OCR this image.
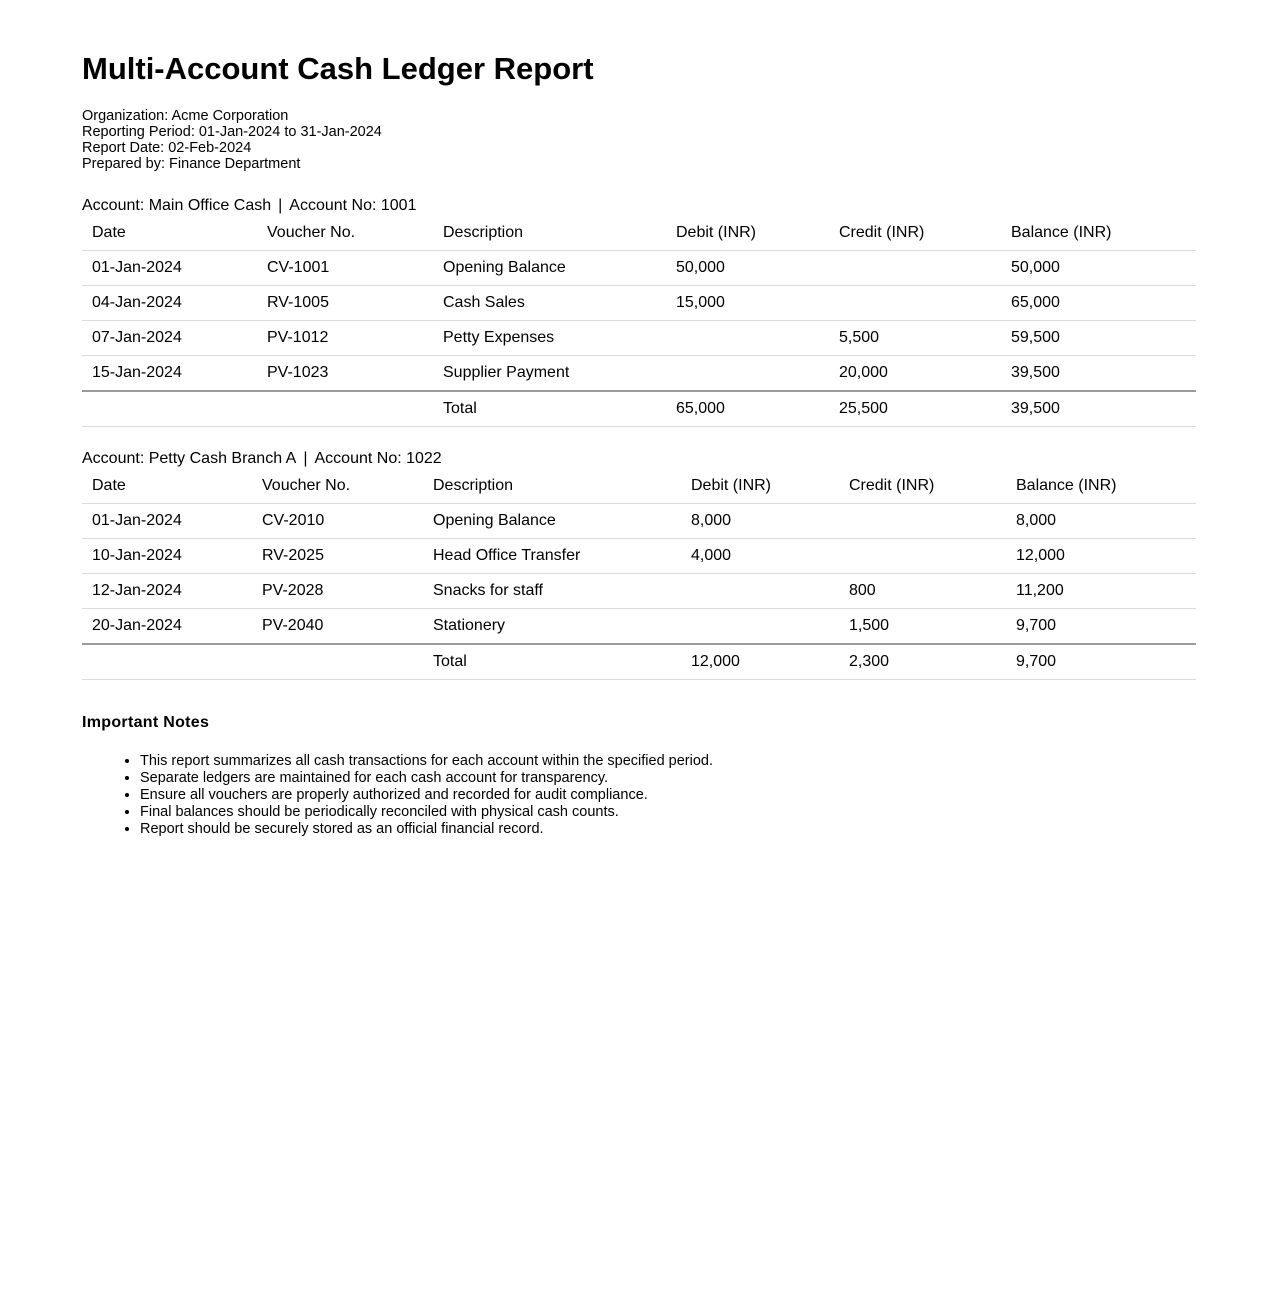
Multi-Account Cash Ledger Report
Organization: Acme Corporation
Reporting Period: 01-Jan-2024 to 31-Jan-2024
Report Date: 02-Feb-2024
Prepared by: Finance Department
Account: Main Office Cash | Account No: 1001
Date	Voucher No.	Description	Debit (INR)	Credit (INR)	Balance (INR)
01-Jan-2024	CV-1001	Opening Balance	50,000		50,000
04-Jan-2024	RV-1005	Cash Sales	15,000		65,000
07-Jan-2024	PV-1012	Petty Expenses		5,500	59,500
15-Jan-2024	PV-1023	Supplier Payment		20,000	39,500
		Total	65,000	25,500	39,500
Account: Petty Cash Branch A | Account No: 1022
Date	Voucher No.	Description	Debit (INR)	Credit (INR)	Balance (INR)
01-Jan-2024	CV-2010	Opening Balance	8,000		8,000
10-Jan-2024	RV-2025	Head Office Transfer	4,000		12,000
12-Jan-2024	PV-2028	Snacks for staff		800	11,200
20-Jan-2024	PV-2040	Stationery		1,500	9,700
		Total	12,000	2,300	9,700
Important Notes
• This report summarizes all cash transactions for each account within the specified period.
• Separate ledgers are maintained for each cash account for transparency.
• Ensure all vouchers are properly authorized and recorded for audit compliance.
• Final balances should be periodically reconciled with physical cash counts.
• Report should be securely stored as an official financial record.
